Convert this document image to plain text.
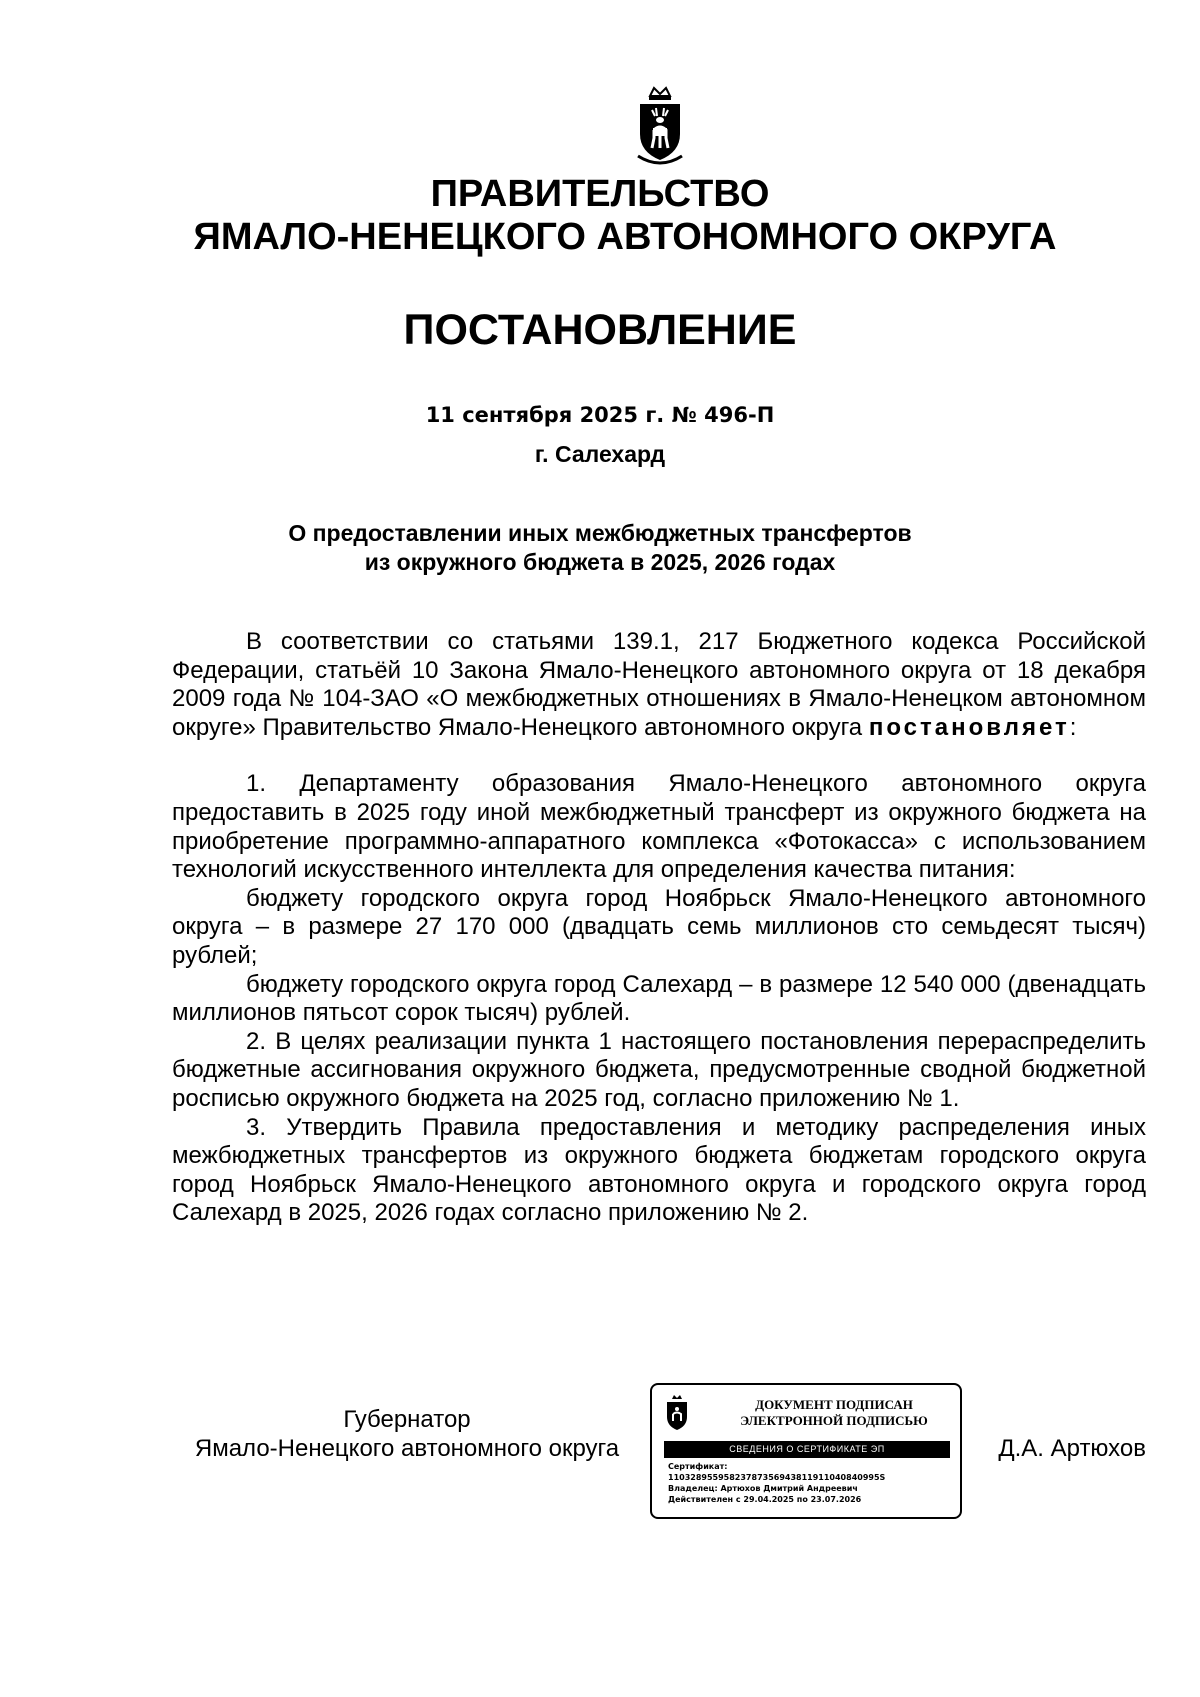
ПРАВИТЕЛЬСТВО
ЯМАЛО-НЕНЕЦКОГО АВТОНОМНОГО ОКРУГА
ПОСТАНОВЛЕНИЕ
11 сентября 2025 г. № 496-П
г. Салехард
О предоставлении иных межбюджетных трансфертов
из окружного бюджета в 2025, 2026 годах

В соответствии со статьями 139.1, 217 Бюджетного кодекса Российской Федерации, статьёй 10 Закона Ямало-Ненецкого автономного округа от 18 декабря 2009 года № 104-ЗАО «О межбюджетных отношениях в Ямало-Ненецком автономном округе» Правительство Ямало-Ненецкого автономного округа постановляет:

1. Департаменту образования Ямало-Ненецкого автономного округа предоставить в 2025 году иной межбюджетный трансферт из окружного бюджета на приобретение программно-аппаратного комплекса «Фотокасса» с использованием технологий искусственного интеллекта для определения качества питания:

бюджету городского округа город Ноябрьск Ямало-Ненецкого автономного округа – в размере 27 170 000 (двадцать семь миллионов сто семьдесят тысяч) рублей;

бюджету городского округа город Салехард – в размере 12 540 000 (двенадцать миллионов пятьсот сорок тысяч) рублей.

2. В целях реализации пункта 1 настоящего постановления перераспределить бюджетные ассигнования окружного бюджета, предусмотренные сводной бюджетной росписью окружного бюджета на 2025 год, согласно приложению № 1.

3. Утвердить Правила предоставления и методику распределения иных межбюджетных трансфертов из окружного бюджета бюджетам городского округа город Ноябрьск Ямало-Ненецкого автономного округа и городского округа город Салехард в 2025, 2026 годах согласно приложению № 2.

Губернатор
Ямало-Ненецкого автономного округа
ДОКУМЕНТ ПОДПИСАН
ЭЛЕКТРОННОЙ ПОДПИСЬЮ
СВЕДЕНИЯ О СЕРТИФИКАТЕ ЭП
Сертификат:
11032895595823787356943811911040840995S
Владелец: Артюхов Дмитрий Андреевич
Действителен с 29.04.2025 по 23.07.2026
Д.А. Артюхов
